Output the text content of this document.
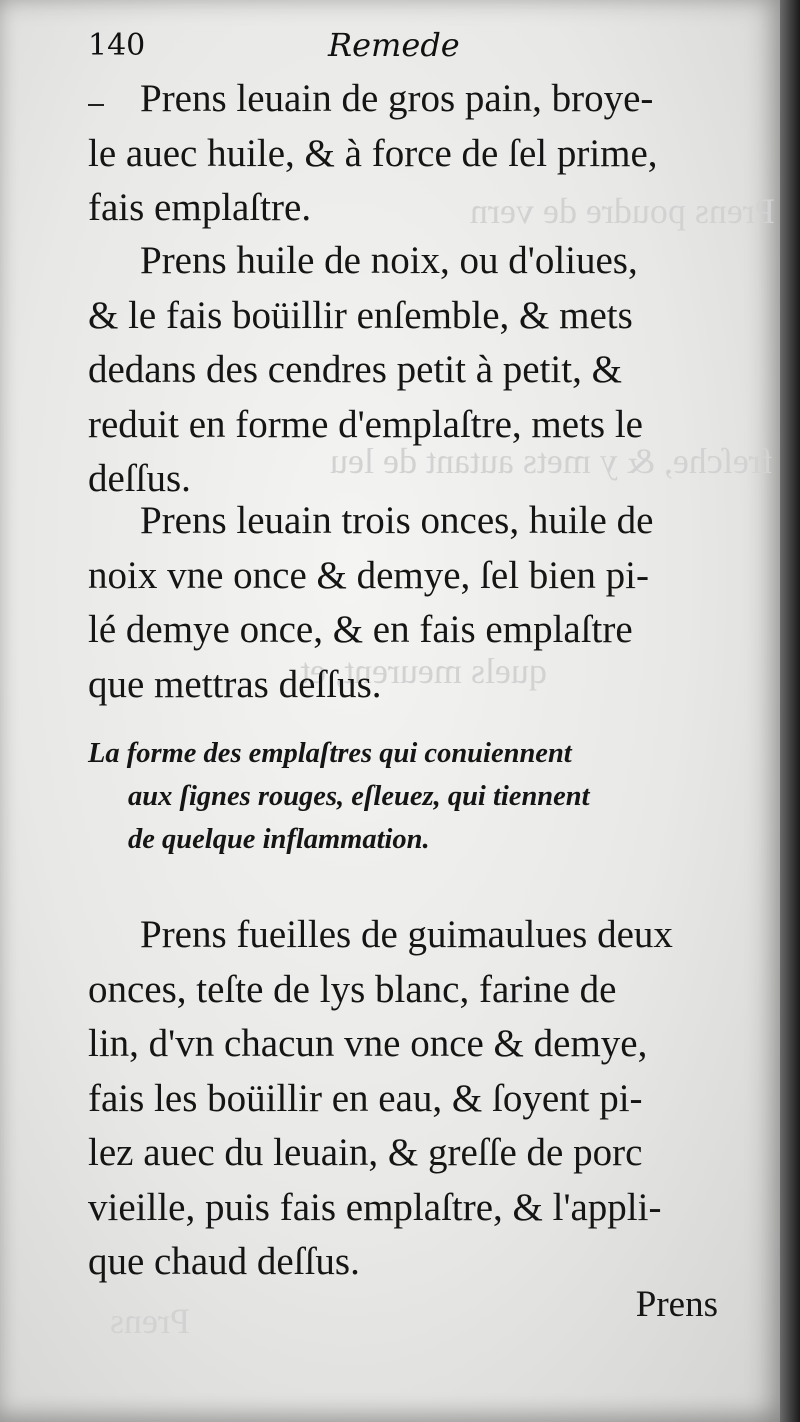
Prens poudre de vern
freſche, & y mets autant de leu
quels meurent, et
Prens
140	Remede
Prens leuain de gros pain, broye-
le auec huile, & à force de ſel prime,
fais emplaſtre.
Prens huile de noix, ou d'oliues,
& le fais boüillir enſemble, & mets
dedans des cendres petit à petit, &
reduit en forme d'emplaſtre, mets le
deſſus.
Prens leuain trois onces, huile de
noix vne once & demye, ſel bien pi-
lé demye once, & en fais emplaſtre
que mettras deſſus.
La forme des emplaſtres qui conuiennent
aux ſignes rouges, eſleuez, qui tiennent
de quelque inflammation.
Prens fueilles de guimaulues deux
onces, teſte de lys blanc, farine de
lin, d'vn chacun vne once & demye,
fais les boüillir en eau, & ſoyent pi-
lez auec du leuain, & greſſe de porc
vieille, puis fais emplaſtre, & l'appli-
que chaud deſſus.
Prens
